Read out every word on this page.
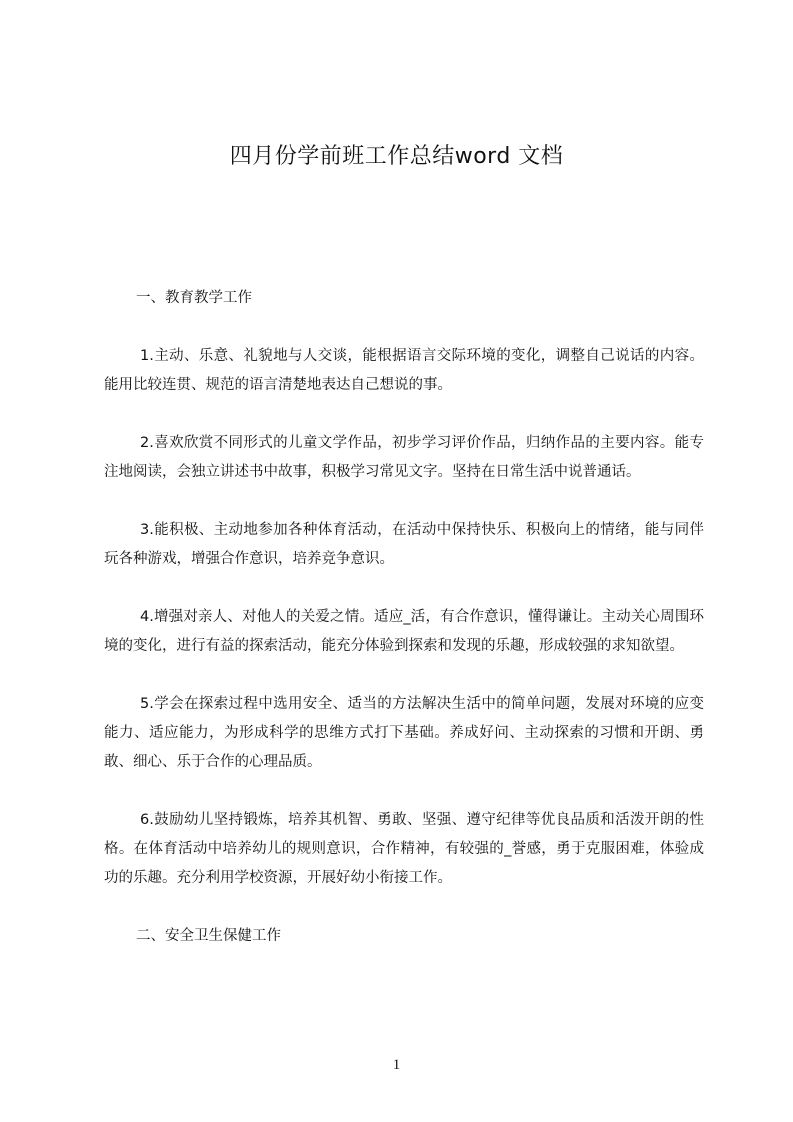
四月份学前班工作总结word 文档

一、教育教学工作

1.主动、乐意、礼貌地与人交谈，能根据语言交际环境的变化，调整自己说话的内容。能用比较连贯、规范的语言清楚地表达自己想说的事。

2.喜欢欣赏不同形式的儿童文学作品，初步学习评价作品，归纳作品的主要内容。能专注地阅读，会独立讲述书中故事，积极学习常见文字。坚持在日常生活中说普通话。

3.能积极、主动地参加各种体育活动，在活动中保持快乐、积极向上的情绪，能与同伴玩各种游戏，增强合作意识，培养竞争意识。

4.增强对亲人、对他人的关爱之情。适应_活，有合作意识，懂得谦让。主动关心周围环境的变化，进行有益的探索活动，能充分体验到探索和发现的乐趣，形成较强的求知欲望。

5.学会在探索过程中选用安全、适当的方法解决生活中的简单问题，发展对环境的应变能力、适应能力，为形成科学的思维方式打下基础。养成好问、主动探索的习惯和开朗、勇敢、细心、乐于合作的心理品质。

6.鼓励幼儿坚持锻炼，培养其机智、勇敢、坚强、遵守纪律等优良品质和活泼开朗的性格。在体育活动中培养幼儿的规则意识，合作精神，有较强的_誉感，勇于克服困难，体验成功的乐趣。充分利用学校资源，开展好幼小衔接工作。

二、安全卫生保健工作

1
